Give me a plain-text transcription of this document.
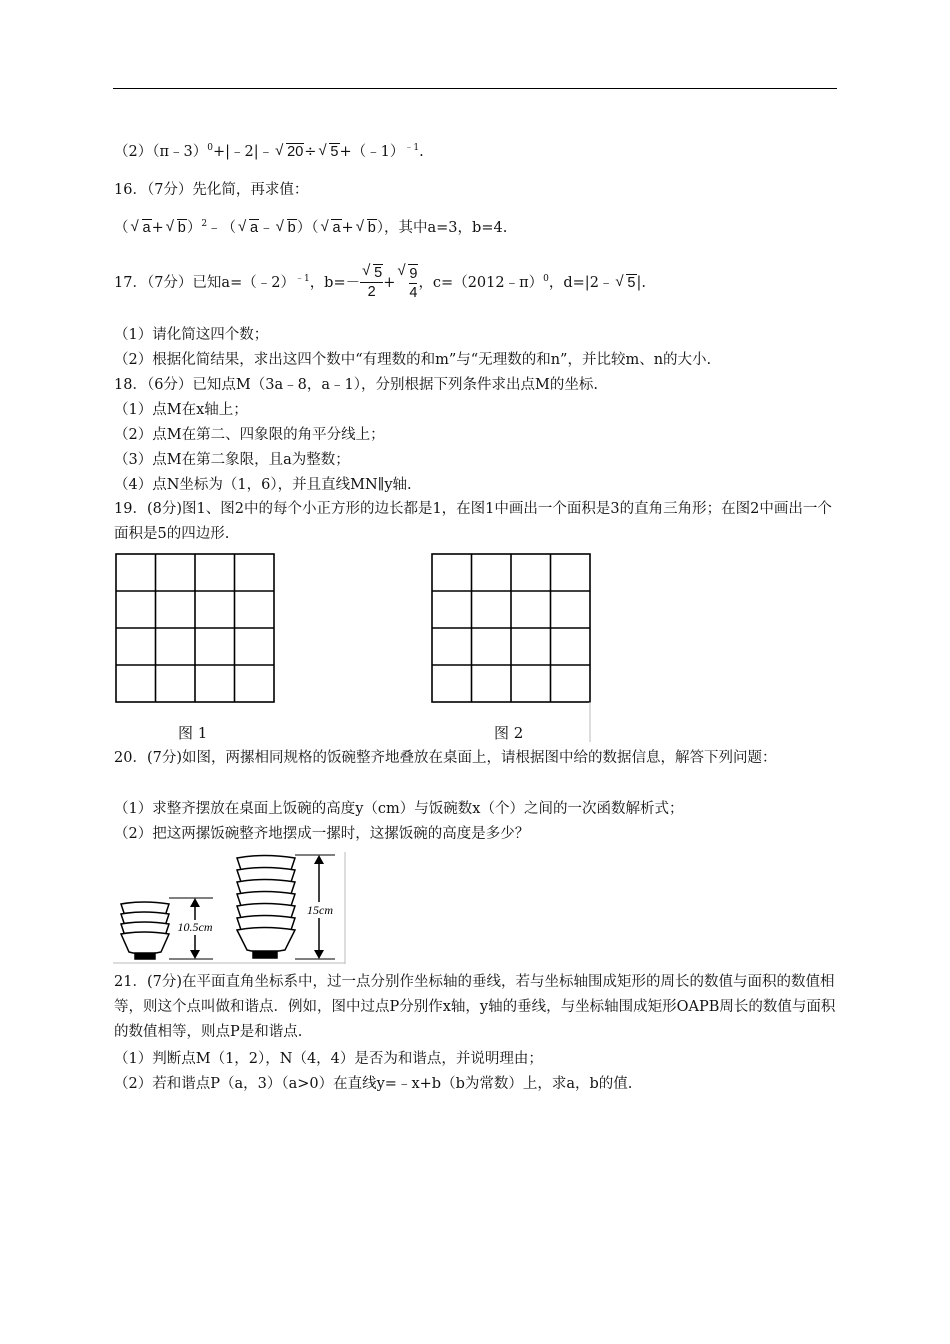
（2）（π﹣3）$^0$+|﹣2|﹣ √ 20÷ √ 5+（﹣1）$^{﹣1}$.
16．（7分）先化简，再求值：
（ √ a+ √ b）$^2$﹣（ √ a﹣ √ b）（ √ a+ √ b），其中a=3，b=4.
17．（7分）已知a=（﹣2）$^{﹣1}$，b=－ √ $\frac{5}{2}$ + √ $\frac{9}{4}$ ，c=（2012﹣π）$^0$，d=|2﹣ √ 5|.
（1）请化简这四个数；
（2）根据化简结果，求出这四个数中“有理数的和m”与“无理数的和n”，并比较m、n的大小.
18．（6分）已知点M（3a﹣8，a﹣1），分别根据下列条件求出点M的坐标.
（1）点M在x轴上；
（2）点M在第二、四象限的角平分线上；
（3）点M在第二象限，且a为整数；
（4）点N坐标为（1，6），并且直线MN∥y轴.
19．(8分)图1、图2中的每个小正方形的边长都是1，在图1中画出一个面积是3的直角三角形；在图2中画出一个面积是5的四边形.
图 1	图 2
20．(7分)如图，两摞相同规格的饭碗整齐地叠放在桌面上，请根据图中给的数据信息，解答下列问题：
（1）求整齐摆放在桌面上饭碗的高度y（cm）与饭碗数x（个）之间的一次函数解析式；
（2）把这两摞饭碗整齐地摆成一摞时，这摞饭碗的高度是多少？
10.5cm
15cm
21．(7分)在平面直角坐标系中，过一点分别作坐标轴的垂线，若与坐标轴围成矩形的周长的数值与面积的数值相等，则这个点叫做和谐点．例如，图中过点P分别作x轴，y轴的垂线，与坐标轴围成矩形OAPB周长的数值与面积的数值相等，则点P是和谐点.
（1）判断点M（1，2），N（4，4）是否为和谐点，并说明理由；
（2）若和谐点P（a，3）（a>0）在直线y=﹣x+b（b为常数）上，求a，b的值.
